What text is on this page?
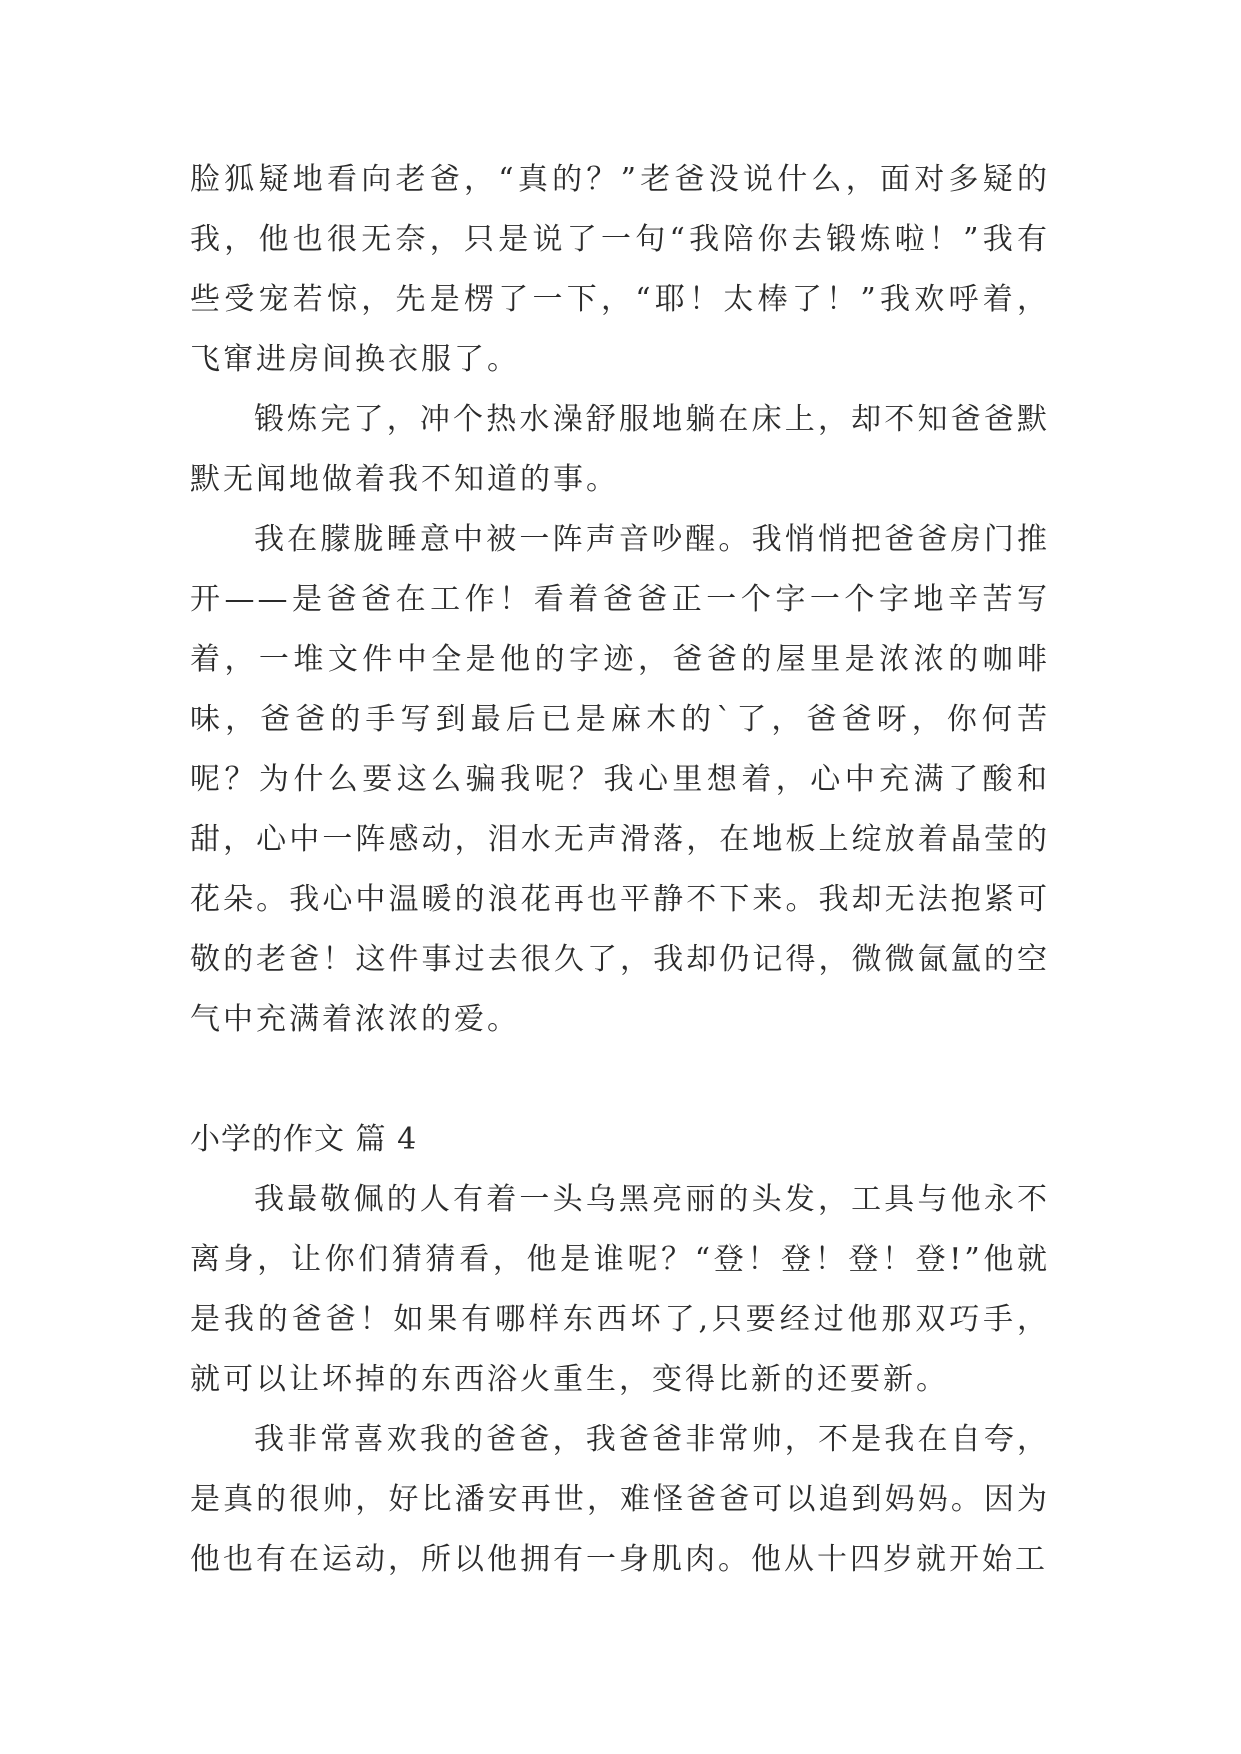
脸狐疑地看向老爸，“真的？”老爸没说什么，面对多疑的我，他也很无奈，只是说了一句“我陪你去锻炼啦！”我有些受宠若惊，先是楞了一下，“耶！太棒了！”我欢呼着，飞窜进房间换衣服了。

锻炼完了，冲个热水澡舒服地躺在床上，却不知爸爸默默无闻地做着我不知道的事。

我在朦胧睡意中被一阵声音吵醒。我悄悄把爸爸房门推开——是爸爸在工作！看着爸爸正一个字一个字地辛苦写着，一堆文件中全是他的字迹，爸爸的屋里是浓浓的咖啡味，爸爸的手写到最后已是麻木的`了，爸爸呀，你何苦呢？为什么要这么骗我呢？我心里想着，心中充满了酸和甜，心中一阵感动，泪水无声滑落，在地板上绽放着晶莹的花朵。我心中温暖的浪花再也平静不下来。我却无法抱紧可敬的老爸！这件事过去很久了，我却仍记得，微微氤氲的空气中充满着浓浓的爱。

小学的作文 篇 4

我最敬佩的人有着一头乌黑亮丽的头发，工具与他永不离身，让你们猜猜看，他是谁呢？“登！登！登！登!”他就是我的爸爸！如果有哪样东西坏了,只要经过他那双巧手，就可以让坏掉的东西浴火重生，变得比新的还要新。

我非常喜欢我的爸爸，我爸爸非常帅，不是我在自夸，是真的很帅，好比潘安再世，难怪爸爸可以追到妈妈。因为他也有在运动，所以他拥有一身肌肉。他从十四岁就开始工
